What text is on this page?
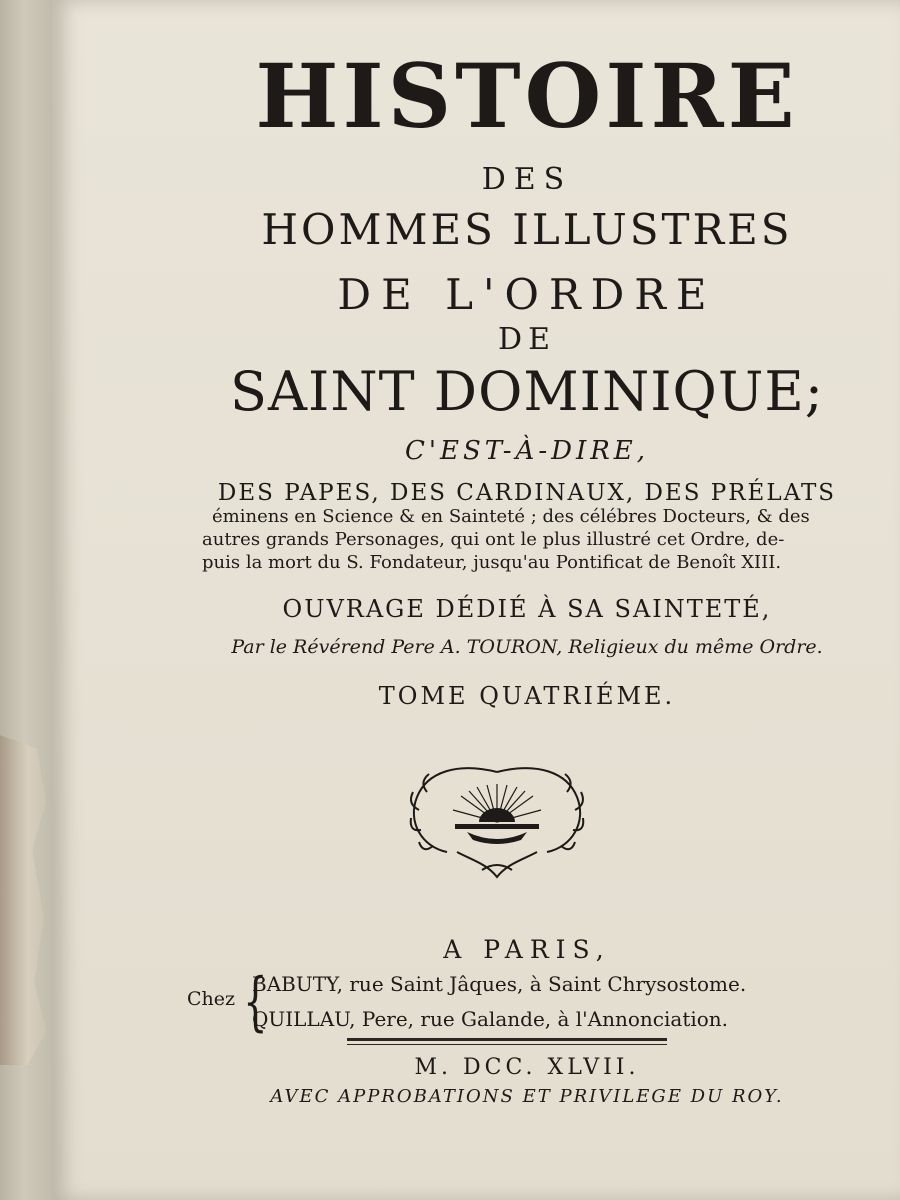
HISTOIRE
DES
HOMMES ILLUSTRES
DE L'ORDRE
DE
SAINT DOMINIQUE;
C'EST-À-DIRE,
DES PAPES, DES CARDINAUX, DES PRÉLATS
éminens en Science & en Sainteté ; des célébres Docteurs, & des
autres grands Personages, qui ont le plus illustré cet Ordre, de-
puis la mort du S. Fondateur, jusqu'au Pontificat de Benoît XIII.
OUVRAGE DÉDIÉ À SA SAINTETÉ,
Par le Révérend Pere A. TOURON, Religieux du même Ordre.
TOME QUATRIÉME.
A PARIS,
Chez {
BABUTY, rue Saint Jâques, à Saint Chrysostome.
QUILLAU, Pere, rue Galande, à l'Annonciation.
M. DCC. XLVII.
AVEC APPROBATIONS ET PRIVILEGE DU ROY.
